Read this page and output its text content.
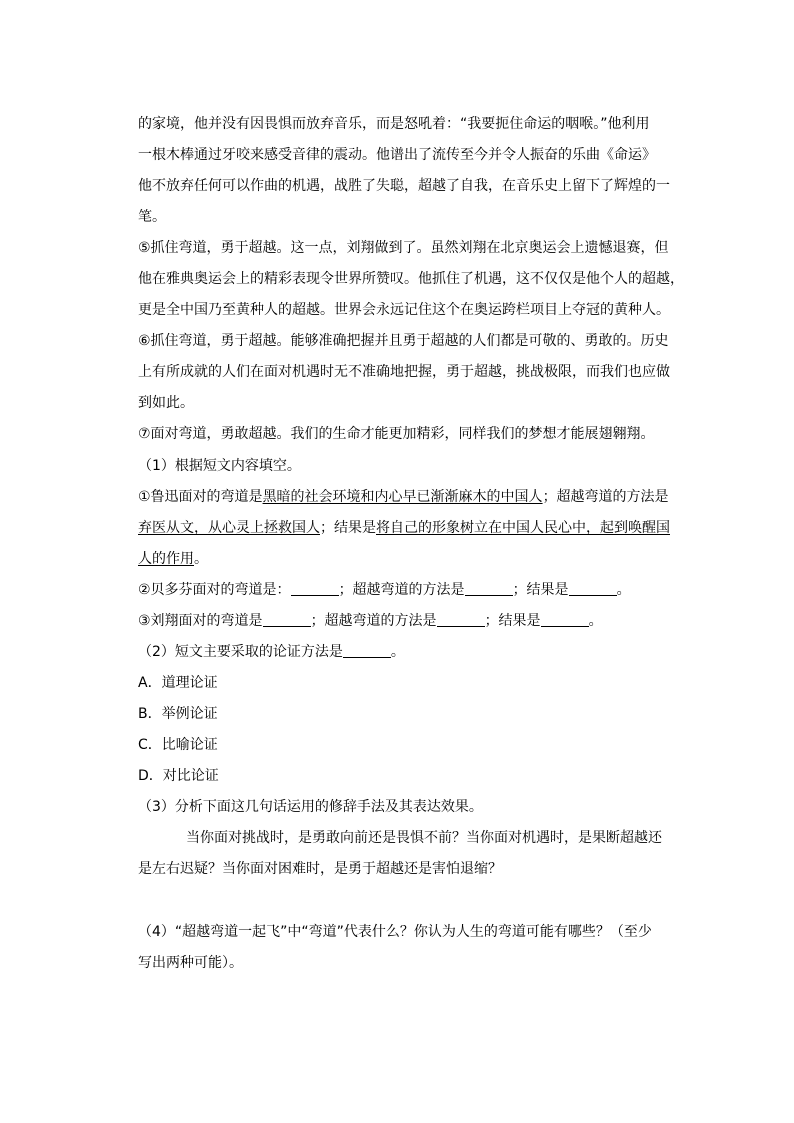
的家境，他并没有因畏惧而放弃音乐，而是怒吼着：“我要扼住命运的咽喉。”他利用
一根木棒通过牙咬来感受音律的震动。他谱出了流传至今并令人振奋的乐曲《命运》
他不放弃任何可以作曲的机遇，战胜了失聪，超越了自我，在音乐史上留下了辉煌的一
笔。
⑤抓住弯道，勇于超越。这一点，刘翔做到了。虽然刘翔在北京奥运会上遗憾退赛，但
他在雅典奥运会上的精彩表现令世界所赞叹。他抓住了机遇，这不仅仅是他个人的超越，
更是全中国乃至黄种人的超越。世界会永远记住这个在奥运跨栏项目上夺冠的黄种人。
⑥抓住弯道，勇于超越。能够准确把握并且勇于超越的人们都是可敬的、勇敢的。历史
上有所成就的人们在面对机遇时无不准确地把握，勇于超越，挑战极限，而我们也应做
到如此。
⑦面对弯道，勇敢超越。我们的生命才能更加精彩，同样我们的梦想才能展翅翱翔。
（1）根据短文内容填空。
①鲁迅面对的弯道是黑暗的社会环境和内心早已渐渐麻木的中国人；超越弯道的方法是
弃医从文，从心灵上拯救国人；结果是将自己的形象树立在中国人民心中，起到唤醒国
人的作用。
②贝多芬面对的弯道是：	；超越弯道的方法是	；结果是	。
③刘翔面对的弯道是	；超越弯道的方法是	；结果是	。
（2）短文主要采取的论证方法是	。
A．道理论证
B．举例论证
C．比喻论证
D．对比论证
（3）分析下面这几句话运用的修辞手法及其表达效果。
当你面对挑战时，是勇敢向前还是畏惧不前？当你面对机遇时，是果断超越还
是左右迟疑？当你面对困难时，是勇于超越还是害怕退缩？
（4）“超越弯道一起飞”中“弯道”代表什么？你认为人生的弯道可能有哪些？（至少
写出两种可能）。
